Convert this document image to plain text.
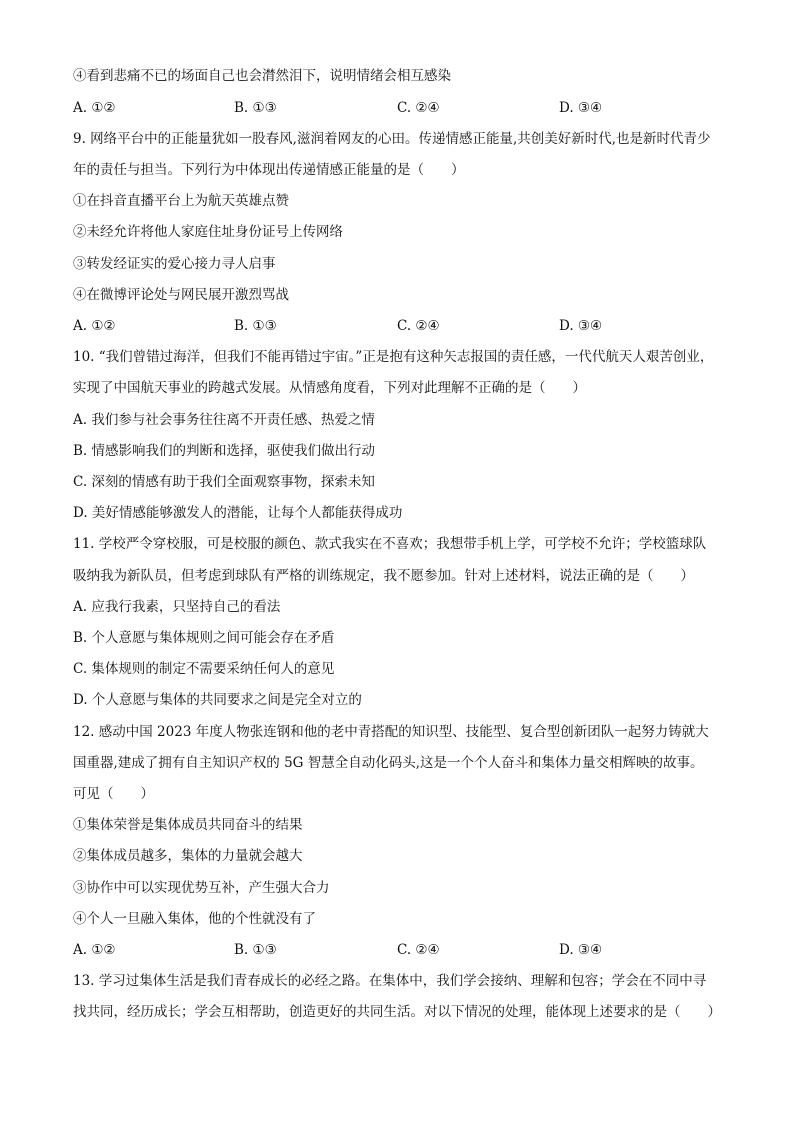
④看到悲痛不已的场面自己也会潸然泪下，说明情绪会相互感染
A. ①②	B. ①③	C. ②④	D. ③④
9. 网络平台中的正能量犹如一股春风,滋润着网友的心田。传递情感正能量,共创美好新时代,也是新时代青少
年的责任与担当。下列行为中体现出传递情感正能量的是（　　）
①在抖音直播平台上为航天英雄点赞
②未经允许将他人家庭住址身份证号上传网络
③转发经证实的爱心接力寻人启事
④在微博评论处与网民展开激烈骂战
A. ①②	B. ①③	C. ②④	D. ③④
10. “我们曾错过海洋，但我们不能再错过宇宙。”正是抱有这种矢志报国的责任感，一代代航天人艰苦创业，
实现了中国航天事业的跨越式发展。从情感角度看，下列对此理解不正确的是（　　）
A. 我们参与社会事务往往离不开责任感、热爱之情
B. 情感影响我们的判断和选择，驱使我们做出行动
C. 深刻的情感有助于我们全面观察事物，探索未知
D. 美好情感能够激发人的潜能，让每个人都能获得成功
11. 学校严令穿校服，可是校服的颜色、款式我实在不喜欢；我想带手机上学，可学校不允许；学校篮球队
吸纳我为新队员，但考虑到球队有严格的训练规定，我不愿参加。针对上述材料，说法正确的是（　　）
A. 应我行我素，只坚持自己的看法
B. 个人意愿与集体规则之间可能会存在矛盾
C. 集体规则的制定不需要采纳任何人的意见
D. 个人意愿与集体的共同要求之间是完全对立的
12. 感动中国 2023 年度人物张连钢和他的老中青搭配的知识型、技能型、复合型创新团队一起努力铸就大
国重器,建成了拥有自主知识产权的 5G 智慧全自动化码头,这是一个个人奋斗和集体力量交相辉映的故事。
可见（　　）
①集体荣誉是集体成员共同奋斗的结果
②集体成员越多，集体的力量就会越大
③协作中可以实现优势互补，产生强大合力
④个人一旦融入集体，他的个性就没有了
A. ①②	B. ①③	C. ②④	D. ③④
13. 学习过集体生活是我们青春成长的必经之路。在集体中，我们学会接纳、理解和包容；学会在不同中寻
找共同，经历成长；学会互相帮助，创造更好的共同生活。对以下情况的处理，能体现上述要求的是（　　）
